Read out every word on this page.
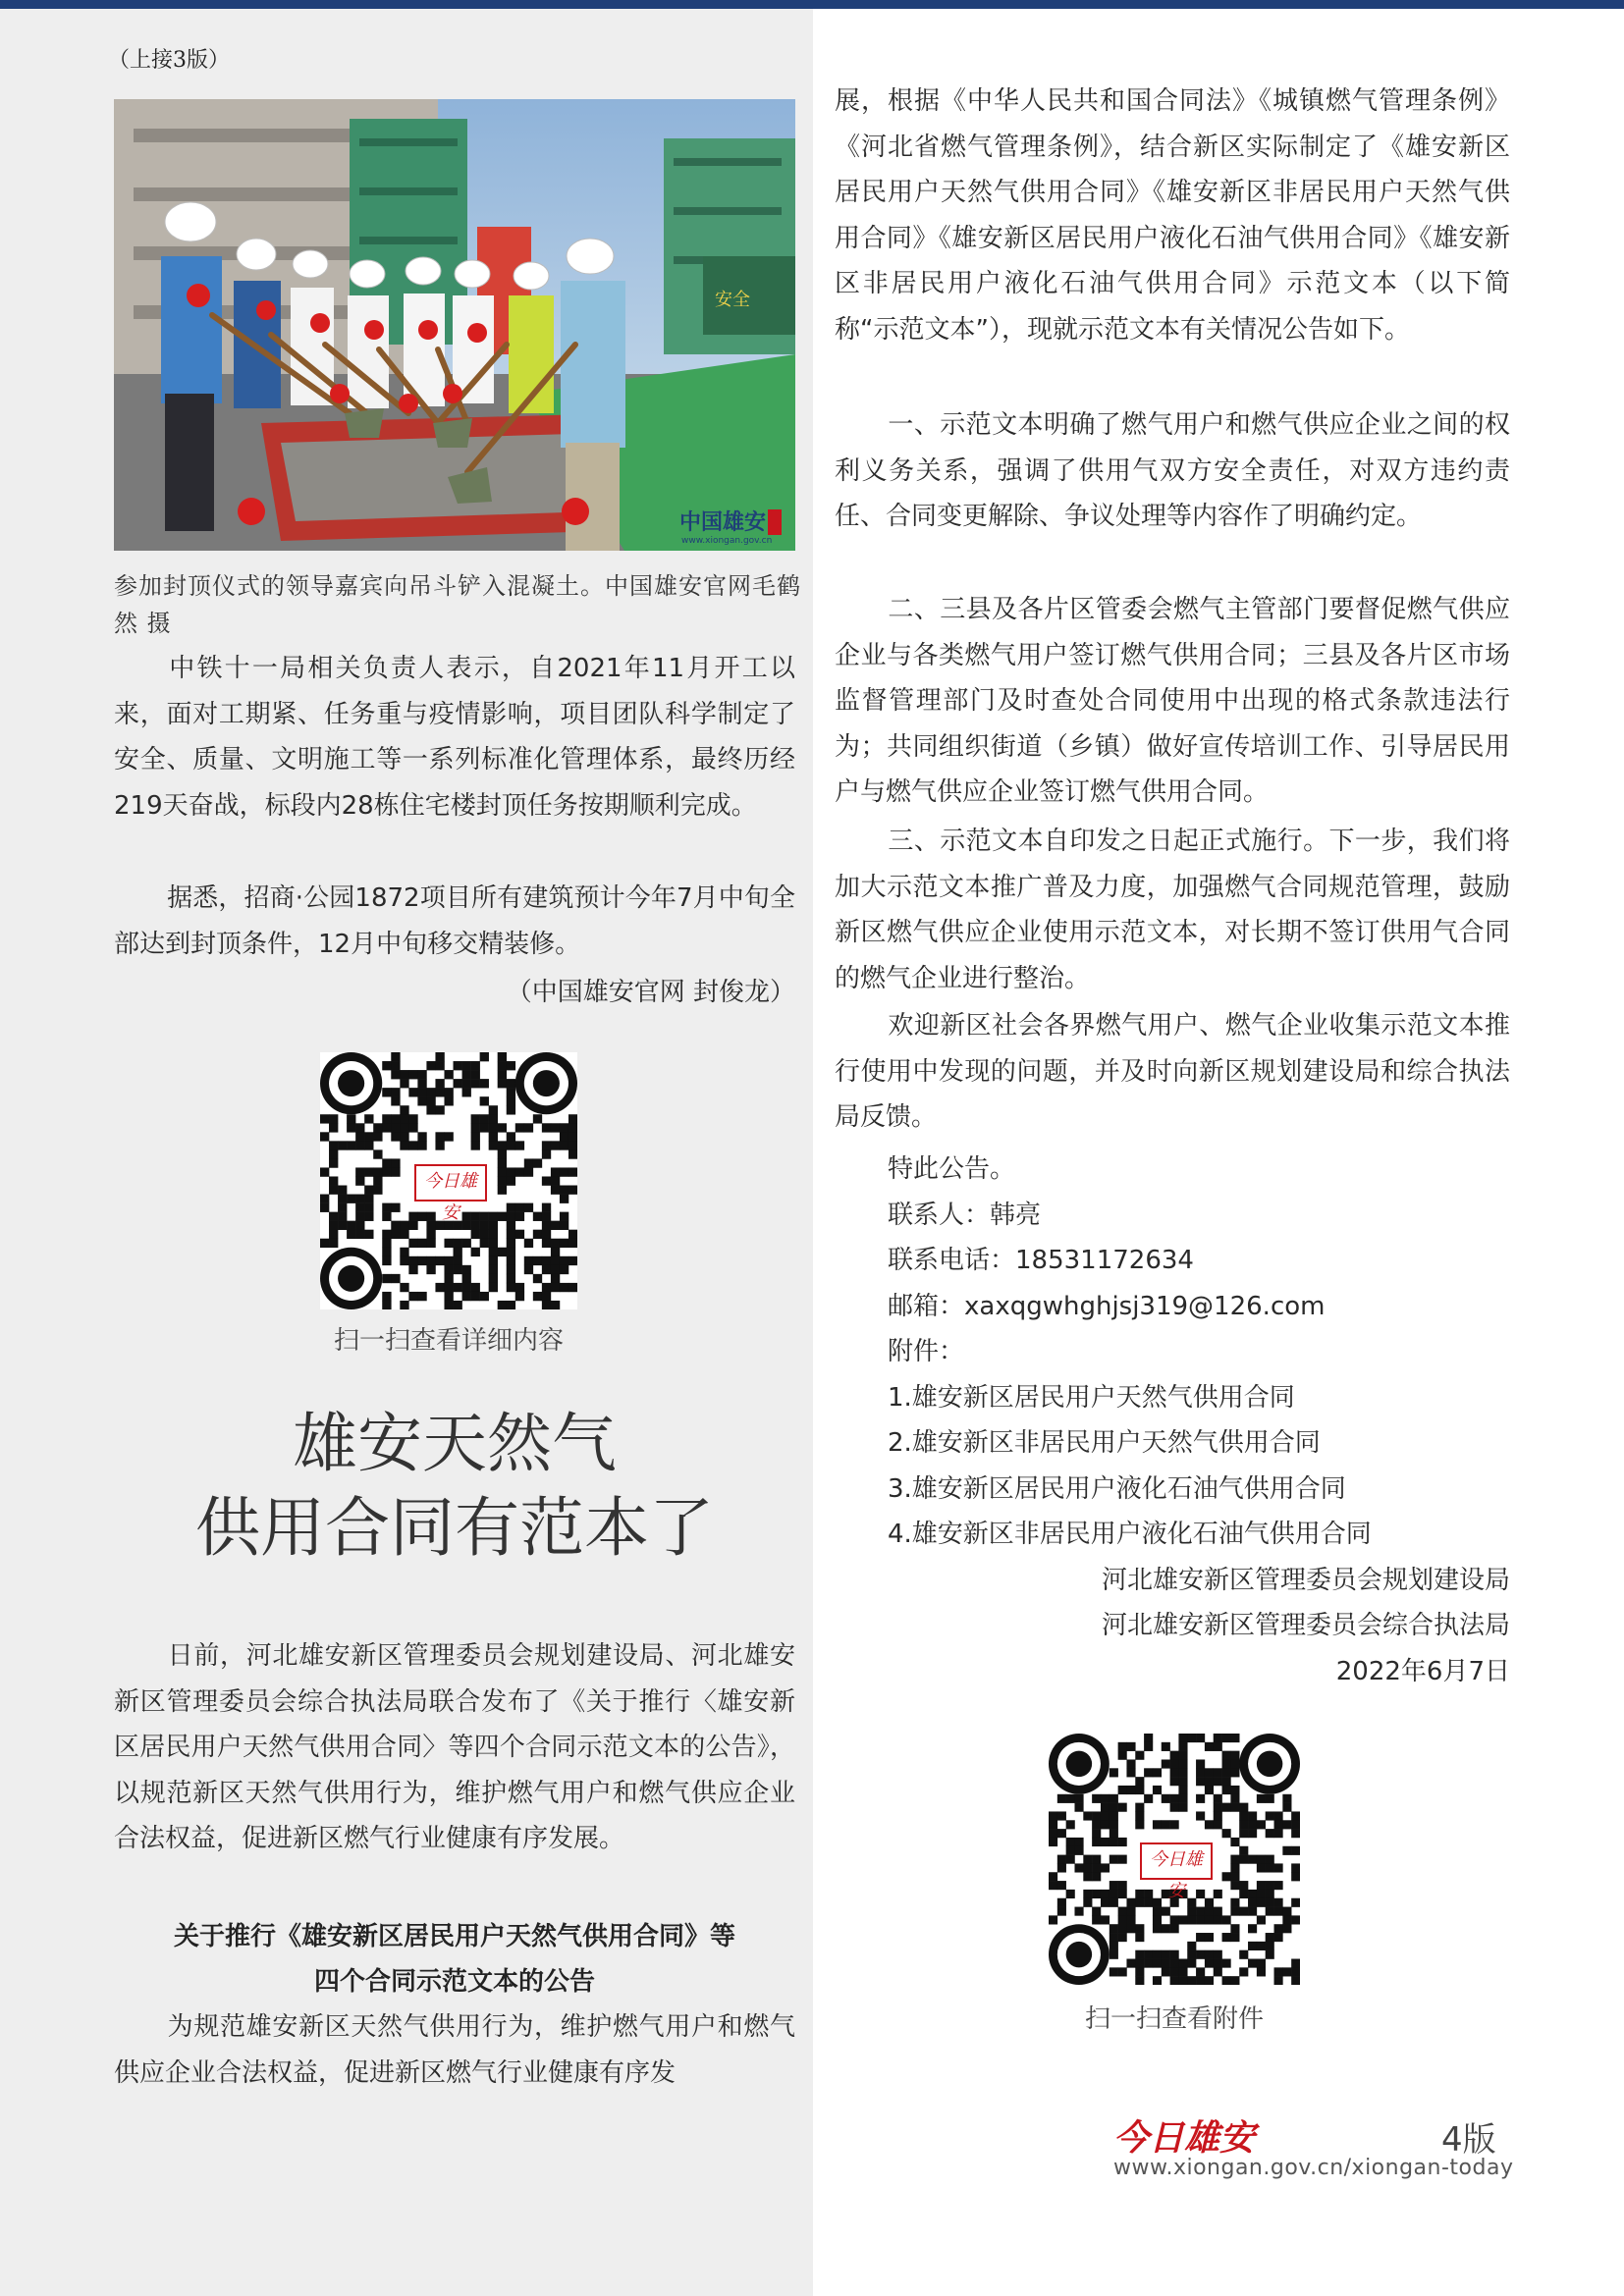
（上接3版）
安全
中国雄安
www.xiongan.gov.cn
参加封顶仪式的领导嘉宾向吊斗铲入混凝土。中国雄安官网毛鹤然 摄
中铁十一局相关负责人表示，自2021年11月开工以来，面对工期紧、任务重与疫情影响，项目团队科学制定了安全、质量、文明施工等一系列标准化管理体系，最终历经219天奋战，标段内28栋住宅楼封顶任务按期顺利完成。
据悉，招商·公园1872项目所有建筑预计今年7月中旬全部达到封顶条件，12月中旬移交精装修。
（中国雄安官网 封俊龙）
今日雄安
扫一扫查看详细内容
雄安天然气
供用合同有范本了
日前，河北雄安新区管理委员会规划建设局、河北雄安新区管理委员会综合执法局联合发布了《关于推行〈雄安新区居民用户天然气供用合同〉等四个合同示范文本的公告》，以规范新区天然气供用行为，维护燃气用户和燃气供应企业合法权益，促进新区燃气行业健康有序发展。
关于推行《雄安新区居民用户天然气供用合同》等
四个合同示范文本的公告
为规范雄安新区天然气供用行为，维护燃气用户和燃气供应企业合法权益，促进新区燃气行业健康有序发
展，根据《中华人民共和国合同法》《城镇燃气管理条例》《河北省燃气管理条例》，结合新区实际制定了《雄安新区居民用户天然气供用合同》《雄安新区非居民用户天然气供用合同》《雄安新区居民用户液化石油气供用合同》《雄安新区非居民用户液化石油气供用合同》示范文本（以下简称“示范文本”），现就示范文本有关情况公告如下。
一、示范文本明确了燃气用户和燃气供应企业之间的权利义务关系，强调了供用气双方安全责任，对双方违约责任、合同变更解除、争议处理等内容作了明确约定。
二、三县及各片区管委会燃气主管部门要督促燃气供应企业与各类燃气用户签订燃气供用合同；三县及各片区市场监督管理部门及时查处合同使用中出现的格式条款违法行为；共同组织街道（乡镇）做好宣传培训工作、引导居民用户与燃气供应企业签订燃气供用合同。
三、示范文本自印发之日起正式施行。下一步，我们将加大示范文本推广普及力度，加强燃气合同规范管理，鼓励新区燃气供应企业使用示范文本，对长期不签订供用气合同的燃气企业进行整治。
欢迎新区社会各界燃气用户、燃气企业收集示范文本推行使用中发现的问题，并及时向新区规划建设局和综合执法局反馈。
特此公告。
联系人：韩亮
联系电话：18531172634
邮箱：xaxqgwhghjsj319@126.com
附件：
1.雄安新区居民用户天然气供用合同
2.雄安新区非居民用户天然气供用合同
3.雄安新区居民用户液化石油气供用合同
4.雄安新区非居民用户液化石油气供用合同
河北雄安新区管理委员会规划建设局
河北雄安新区管理委员会综合执法局
2022年6月7日
今日雄安
扫一扫查看附件
今日雄安	4版
www.xiongan.gov.cn/xiongan-today
